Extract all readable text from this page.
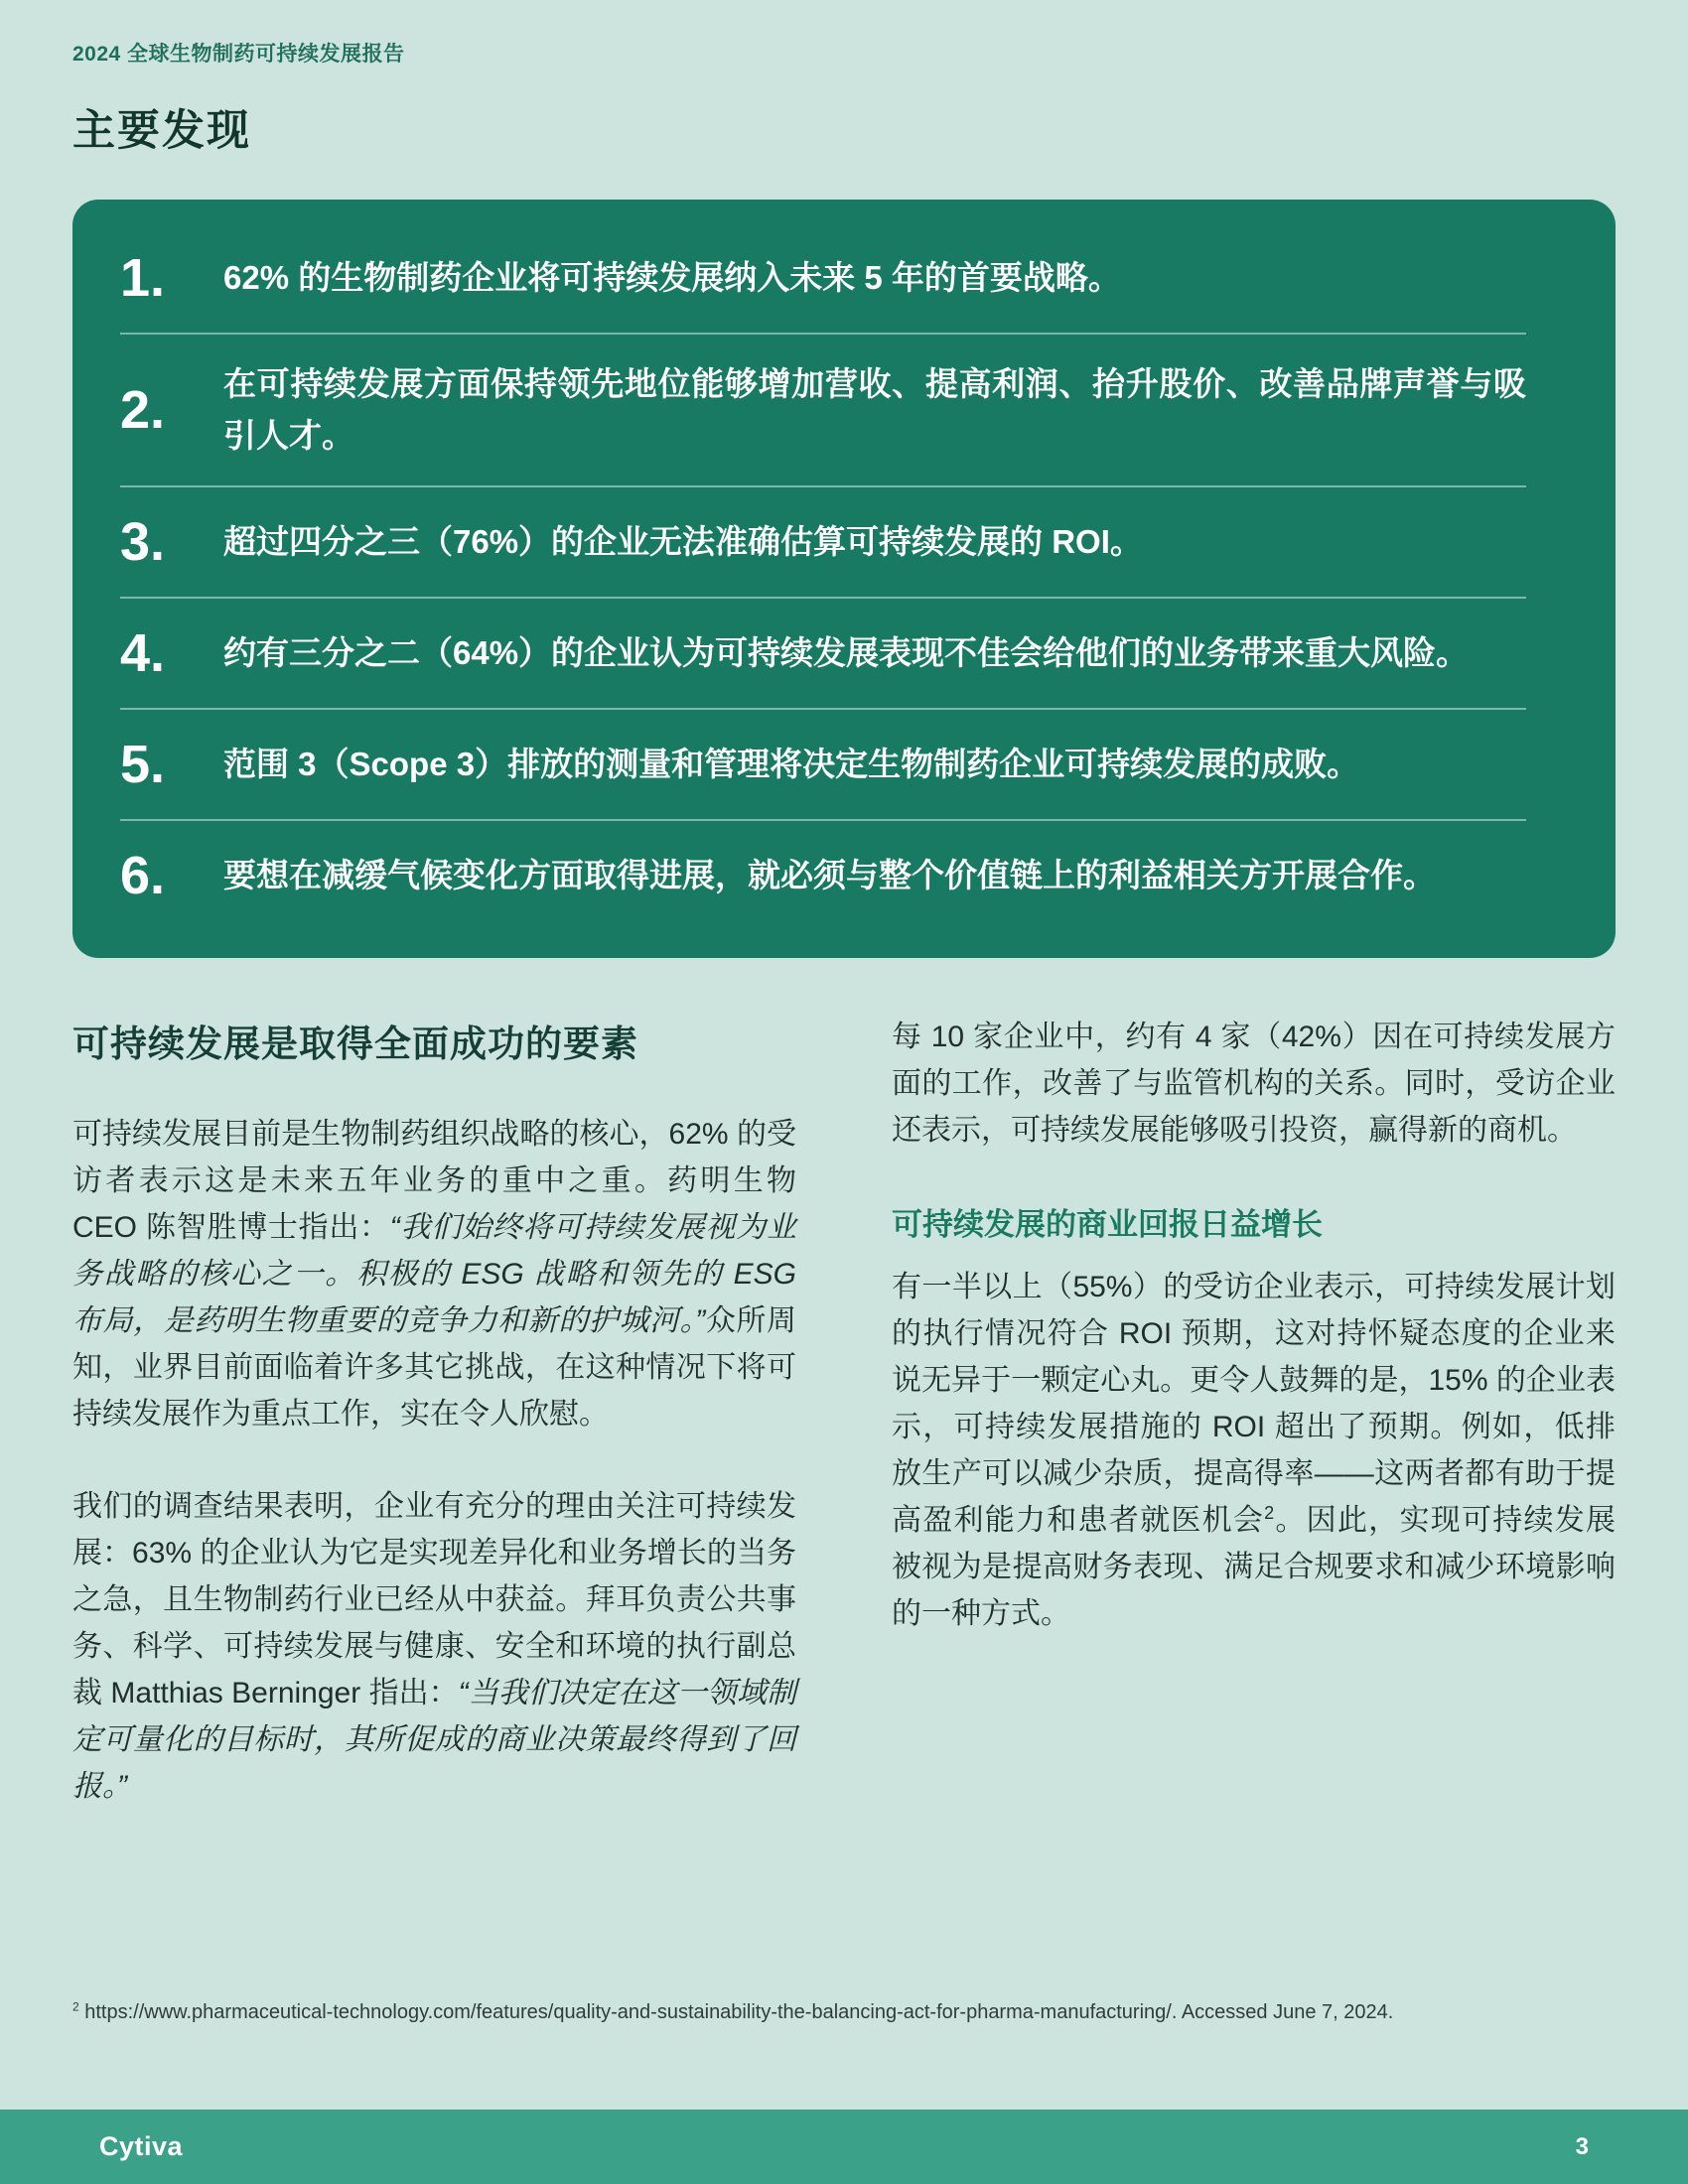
2024 全球生物制药可持续发展报告
主要发现
1.	62% 的生物制药企业将可持续发展纳入未来 5 年的首要战略。
2.	在可持续发展方面保持领先地位能够增加营收、提高利润、抬升股价、改善品牌声誉与吸引人才。
3.	超过四分之三（76%）的企业无法准确估算可持续发展的 ROI。
4.	约有三分之二（64%）的企业认为可持续发展表现不佳会给他们的业务带来重大风险。
5.	范围 3（Scope 3）排放的测量和管理将决定生物制药企业可持续发展的成败。
6.	要想在减缓气候变化方面取得进展，就必须与整个价值链上的利益相关方开展合作。
可持续发展是取得全面成功的要素

可持续发展目前是生物制药组织战略的核心，62% 的受访者表示这是未来五年业务的重中之重。药明生物 CEO 陈智胜博士指出：“我们始终将可持续发展视为业务战略的核心之一。积极的 ESG 战略和领先的 ESG 布局，是药明生物重要的竞争力和新的护城河。”众所周知，业界目前面临着许多其它挑战，在这种情况下将可持续发展作为重点工作，实在令人欣慰。

我们的调查结果表明，企业有充分的理由关注可持续发展：63% 的企业认为它是实现差异化和业务增长的当务之急，且生物制药行业已经从中获益。拜耳负责公共事务、科学、可持续发展与健康、安全和环境的执行副总裁 Matthias Berninger 指出：“当我们决定在这一领域制定可量化的目标时，其所促成的商业决策最终得到了回报。”

每 10 家企业中，约有 4 家（42%）因在可持续发展方面的工作，改善了与监管机构的关系。同时，受访企业还表示，可持续发展能够吸引投资，赢得新的商机。

可持续发展的商业回报日益增长

有一半以上（55%）的受访企业表示，可持续发展计划的执行情况符合 ROI 预期，这对持怀疑态度的企业来说无异于一颗定心丸。更令人鼓舞的是，15% 的企业表示，可持续发展措施的 ROI 超出了预期。例如，低排放生产可以减少杂质，提高得率——这两者都有助于提高盈利能力和患者就医机会$^2$。因此，实现可持续发展被视为是提高财务表现、满足合规要求和减少环境影响的一种方式。

$^2$ https://www.pharmaceutical-technology.com/features/quality-and-sustainability-the-balancing-act-for-pharma-manufacturing/. Accessed June 7, 2024.
Cytiva	3
